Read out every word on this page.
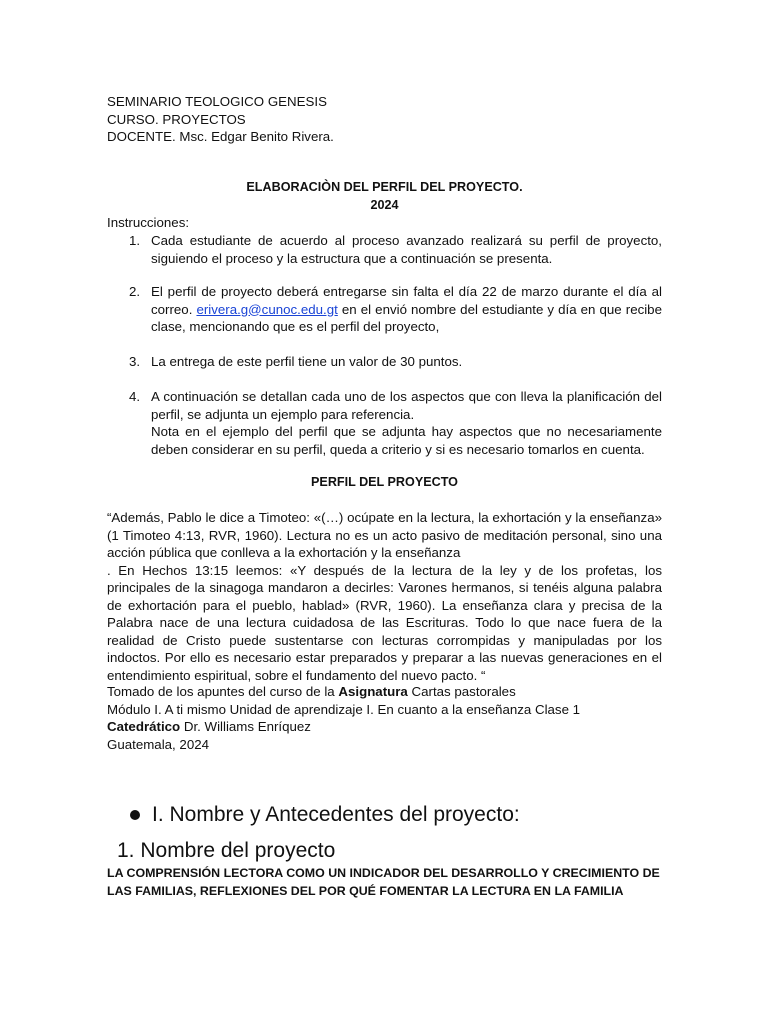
SEMINARIO TEOLOGICO GENESIS
CURSO. PROYECTOS
DOCENTE. Msc. Edgar Benito Rivera.
ELABORACIÒN DEL PERFIL DEL PROYECTO.
2024
Instrucciones:
1. Cada estudiante de acuerdo al proceso avanzado realizará su perfil de proyecto, siguiendo el proceso y la estructura que a continuación se presenta.
2. El perfil de proyecto deberá entregarse sin falta el día 22 de marzo durante el día al correo. erivera.g@cunoc.edu.gt en el envió nombre del estudiante y día en que recibe clase, mencionando que es el perfil del proyecto,
3. La entrega de este perfil tiene un valor de 30 puntos.
4. A continuación se detallan cada uno de los aspectos que con lleva la planificación del perfil, se adjunta un ejemplo para referencia.
Nota en el ejemplo del perfil que se adjunta hay aspectos que no necesariamente deben considerar en su perfil, queda a criterio y si es necesario tomarlos en cuenta.
PERFIL DEL PROYECTO

“Además, Pablo le dice a Timoteo: «(…) ocúpate en la lectura, la exhortación y la enseñanza» (1 Timoteo 4:13, RVR, 1960). Lectura no es un acto pasivo de meditación personal, sino una acción pública que conlleva a la exhortación y la enseñanza

. En Hechos 13:15 leemos: «Y después de la lectura de la ley y de los profetas, los principales de la sinagoga mandaron a decirles: Varones hermanos, si tenéis alguna palabra de exhortación para el pueblo, hablad» (RVR, 1960). La enseñanza clara y precisa de la Palabra nace de una lectura cuidadosa de las Escrituras. Todo lo que nace fuera de la realidad de Cristo puede sustentarse con lecturas corrompidas y manipuladas por los indoctos. Por ello es necesario estar preparados y preparar a las nuevas generaciones en el entendimiento espiritual, sobre el fundamento del nuevo pacto. “

Tomado de los apuntes del curso de la Asignatura Cartas pastorales
Módulo I. A ti mismo Unidad de aprendizaje I. En cuanto a la enseñanza Clase 1
Catedrático Dr. Williams Enríquez
Guatemala, 2024
I. Nombre y Antecedentes del proyecto:
1. Nombre del proyecto
LA COMPRENSIÓN LECTORA COMO UN INDICADOR DEL DESARROLLO Y CRECIMIENTO DE LAS FAMILIAS, REFLEXIONES DEL POR QUÉ FOMENTAR LA LECTURA EN LA FAMILIA
